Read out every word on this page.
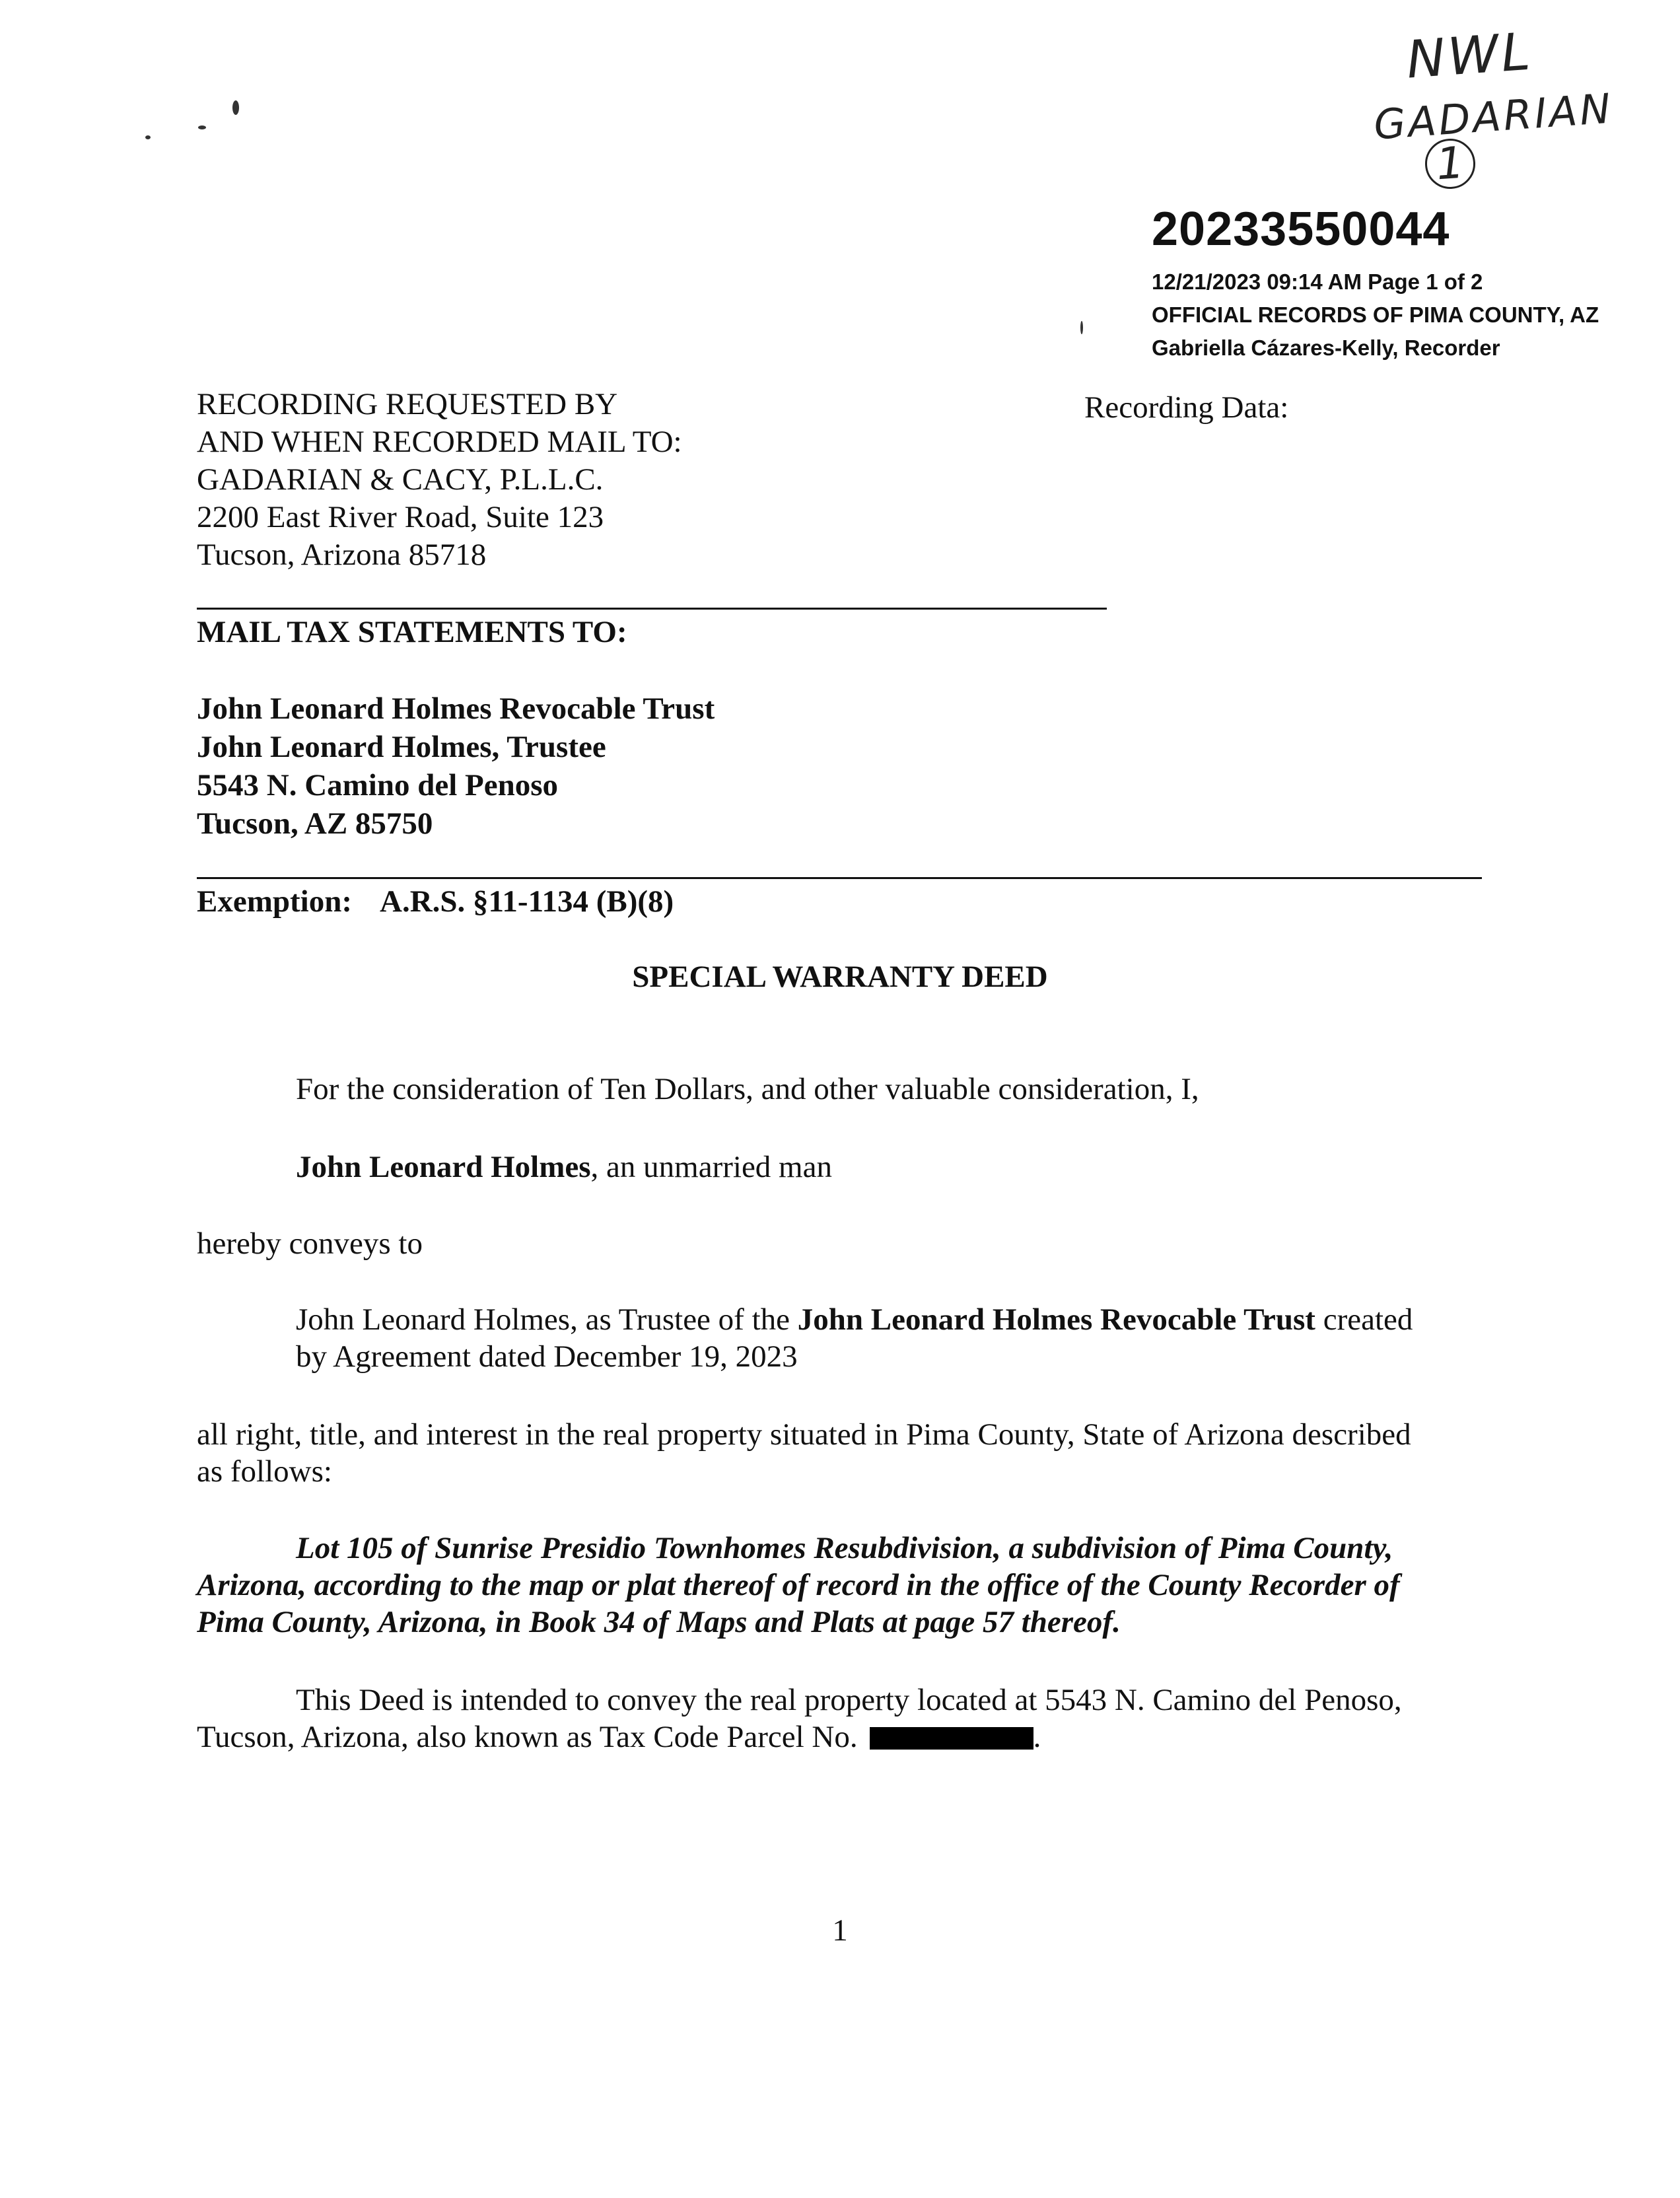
NWL
GADARIAN
1
20233550044
12/21/2023 09:14 AM Page 1 of 2
OFFICIAL RECORDS OF PIMA COUNTY, AZ
Gabriella Cázares-Kelly, Recorder
RECORDING REQUESTED BY
AND WHEN RECORDED MAIL TO:
GADARIAN & CACY, P.L.L.C.
2200 East River Road, Suite 123
Tucson, Arizona 85718
Recording Data:
MAIL TAX STATEMENTS TO:
John Leonard Holmes Revocable Trust
John Leonard Holmes, Trustee
5543 N. Camino del Penoso
Tucson, AZ 85750
Exemption: A.R.S. §11-1134 (B)(8)
SPECIAL WARRANTY DEED
For the consideration of Ten Dollars, and other valuable consideration, I,
John Leonard Holmes, an unmarried man
hereby conveys to
John Leonard Holmes, as Trustee of the John Leonard Holmes Revocable Trust created
by Agreement dated December 19, 2023
all right, title, and interest in the real property situated in Pima County, State of Arizona described
as follows:
Lot 105 of Sunrise Presidio Townhomes Resubdivision, a subdivision of Pima County,
Arizona, according to the map or plat thereof of record in the office of the County Recorder of
Pima County, Arizona, in Book 34 of Maps and Plats at page 57 thereof.
This Deed is intended to convey the real property located at 5543 N. Camino del Penoso,
Tucson, Arizona, also known as Tax Code Parcel No.	.
1
